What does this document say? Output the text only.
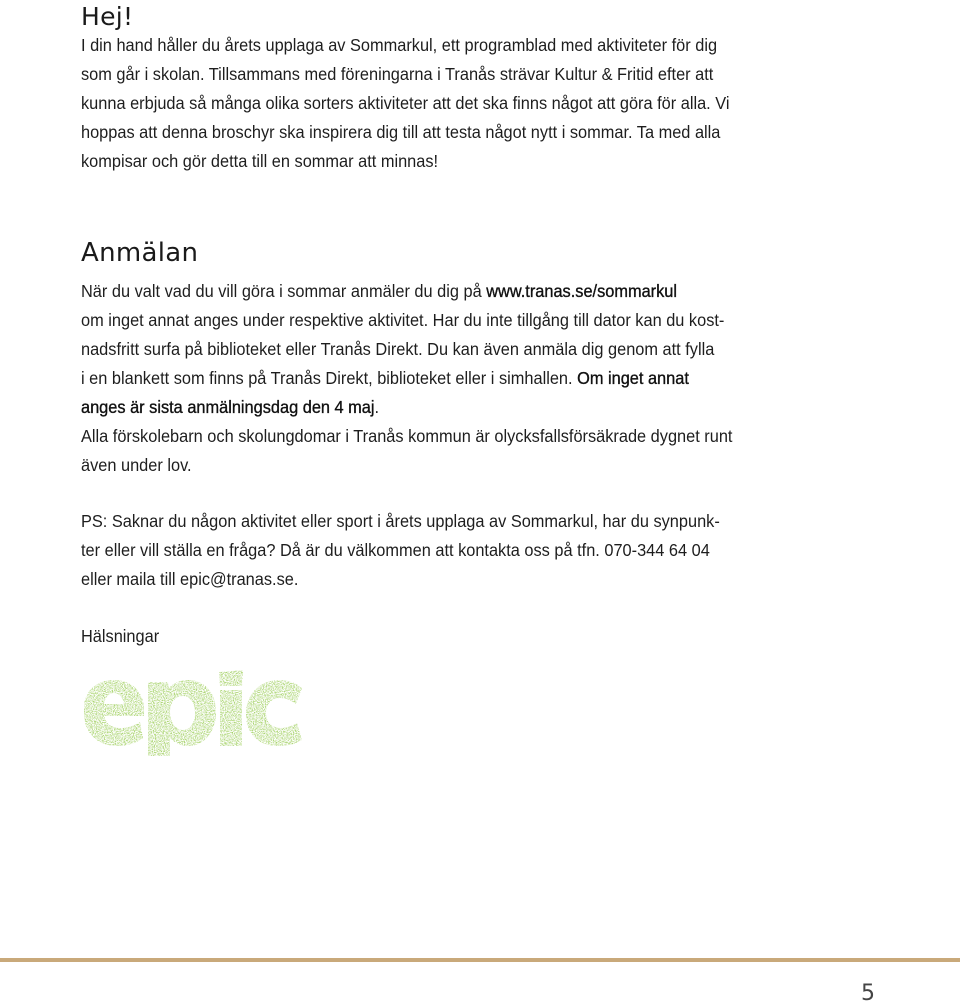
Hej!

I din hand håller du årets upplaga av Sommarkul, ett programblad med aktiviteter för dig
som går i skolan. Tillsammans med föreningarna i Tranås strävar Kultur & Fritid efter att
kunna erbjuda så många olika sorters aktiviteter att det ska finns något att göra för alla. Vi
hoppas att denna broschyr ska inspirera dig till att testa något nytt i sommar. Ta med alla
kompisar och gör detta till en sommar att minnas!

Anmälan

När du valt vad du vill göra i sommar anmäler du dig på www.tranas.se/sommarkul
om inget annat anges under respektive aktivitet. Har du inte tillgång till dator kan du kost-
nadsfritt surfa på biblioteket eller Tranås Direkt. Du kan även anmäla dig genom att fylla
i en blankett som finns på Tranås Direkt, biblioteket eller i simhallen. Om inget annat
anges är sista anmälningsdag den 4 maj.
Alla förskolebarn och skolungdomar i Tranås kommun är olycksfallsförsäkrade dygnet runt
även under lov.

PS: Saknar du någon aktivitet eller sport i årets upplaga av Sommarkul, har du synpunk-
ter eller vill ställa en fråga? Då är du välkommen att kontakta oss på tfn. 070-344 64 04
eller maila till epic@tranas.se.

Hälsningar

5
